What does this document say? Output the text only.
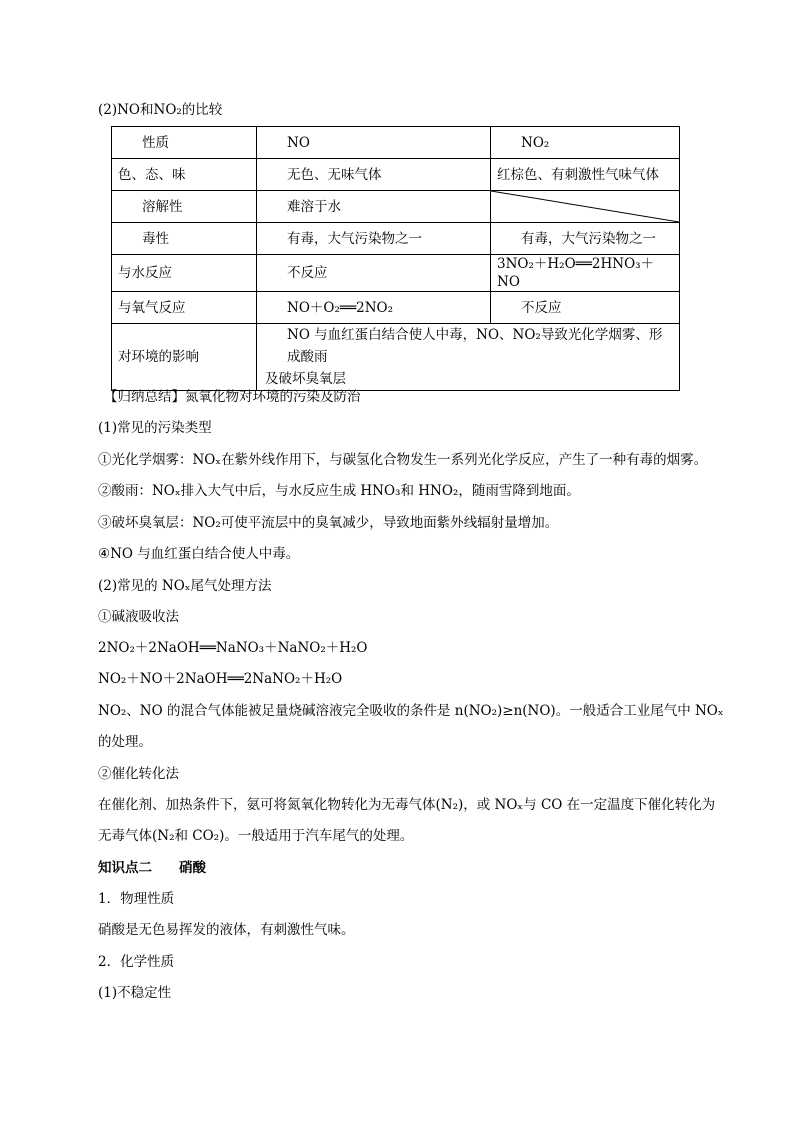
(2)NO和NO₂的比较
性质	NO	NO₂
色、态、味	无色、无味气体	红棕色、有刺激性气味气体
溶解性	难溶于水	

毒性	有毒，大气污染物之一	有毒，大气污染物之一
与水反应	不反应	3NO₂＋H₂O══2HNO₃＋NO
与氧气反应	NO＋O₂══2NO₂	不反应
对环境的影响	NO 与血红蛋白结合使人中毒，NO、NO₂导致光化学烟雾、形成酸雨
及破坏臭氧层	
【归纳总结】氮氧化物对环境的污染及防治
(1)常见的污染类型
①光化学烟雾：NOₓ在紫外线作用下，与碳氢化合物发生一系列光化学反应，产生了一种有毒的烟雾。
②酸雨：NOₓ排入大气中后，与水反应生成 HNO₃和 HNO₂，随雨雪降到地面。
③破坏臭氧层：NO₂可使平流层中的臭氧减少，导致地面紫外线辐射量增加。
④NO 与血红蛋白结合使人中毒。
(2)常见的 NOₓ尾气处理方法
①碱液吸收法
2NO₂＋2NaOH══NaNO₃＋NaNO₂＋H₂O
NO₂＋NO＋2NaOH══2NaNO₂＋H₂O
NO₂、NO 的混合气体能被足量烧碱溶液完全吸收的条件是 n(NO₂)≥n(NO)。一般适合工业尾气中 NOₓ
的处理。
②催化转化法
在催化剂、加热条件下，氨可将氮氧化物转化为无毒气体(N₂)，或 NOₓ与 CO 在一定温度下催化转化为
无毒气体(N₂和 CO₂)。一般适用于汽车尾气的处理。
知识点二　　硝酸
1．物理性质
硝酸是无色易挥发的液体，有刺激性气味。
2．化学性质
(1)不稳定性
